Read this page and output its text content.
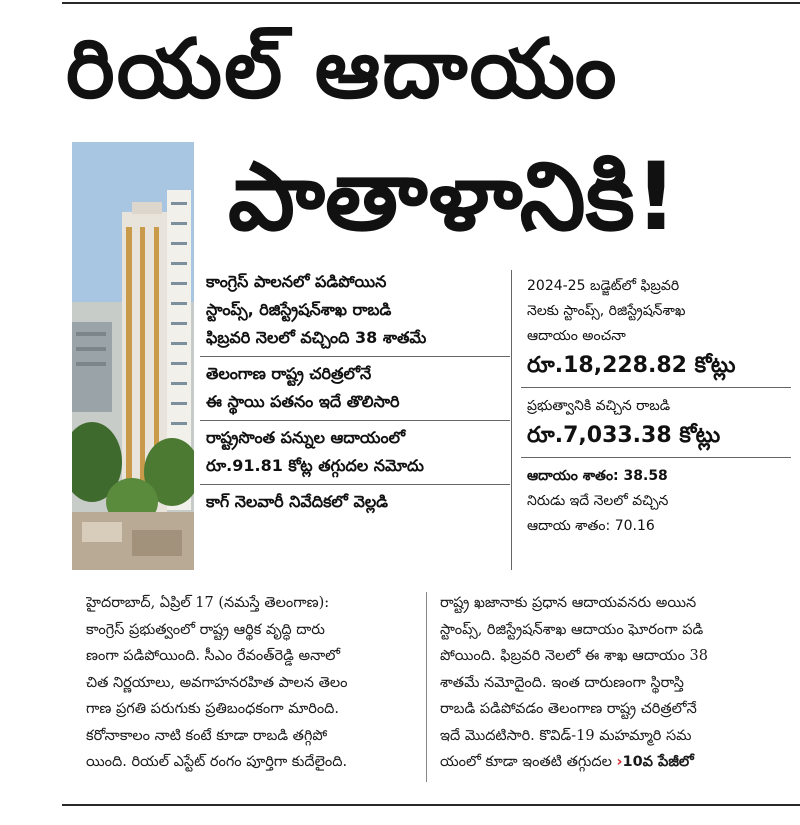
రియల్ ఆదాయం
పాతాళానికి!
కాంగ్రెస్ పాలనలో పడిపోయిన
స్టాంప్స్, రిజిస్ట్రేషన్‌శాఖ రాబడి
ఫిబ్రవరి నెలలో వచ్చింది 38 శాతమే
తెలంగాణ రాష్ట్ర చరిత్రలోనే
ఈ స్థాయి పతనం ఇదే తొలిసారి
రాష్ట్రసొంత పన్నుల ఆదాయంలో
రూ.91.81 కోట్ల తగ్గుదల నమోదు
కాగ్ నెలవారీ నివేదికలో వెల్లడి
2024-25 బడ్జెట్‌లో ఫిబ్రవరి
నెలకు స్టాంప్స్, రిజిస్ట్రేషన్‌శాఖ
ఆదాయం అంచనా
రూ.18,228.82 కోట్లు
ప్రభుత్వానికి వచ్చిన రాబడి
రూ.7,033.38 కోట్లు
ఆదాయం శాతం: 38.58
నిరుడు ఇదే నెలలో వచ్చిన
ఆదాయ శాతం: 70.16
హైదరాబాద్, ఏప్రిల్ 17 (నమస్తే తెలంగాణ):
కాంగ్రెస్ ప్రభుత్వంలో రాష్ట్ర ఆర్థిక వృద్ధి దారు
ణంగా పడిపోయింది. సీఎం రేవంత్‌రెడ్డి అనాలో
చిత నిర్ణయాలు, అవగాహనరహిత పాలన తెలం
గాణ ప్రగతి పరుగుకు ప్రతిబంధకంగా మారింది.
కరోనాకాలం నాటి కంటే కూడా రాబడి తగ్గిపో
యింది. రియల్ ఎస్టేట్ రంగం పూర్తిగా కుదేలైంది.
రాష్ట్ర ఖజానాకు ప్రధాన ఆదాయవనరు అయిన
స్టాంప్స్, రిజిస్ట్రేషన్‌శాఖ ఆదాయం ఘోరంగా పడి
పోయింది. ఫిబ్రవరి నెలలో ఈ శాఖ ఆదాయం 38
శాతమే నమోదైంది. ఇంత దారుణంగా స్థిరాస్తి
రాబడి పడిపోవడం తెలంగాణ రాష్ట్ర చరిత్రలోనే
ఇదే మొదటిసారి. కొవిడ్-19 మహమ్మారి సమ
యంలో కూడా ఇంతటి తగ్గుదల ›10వ పేజీలో
